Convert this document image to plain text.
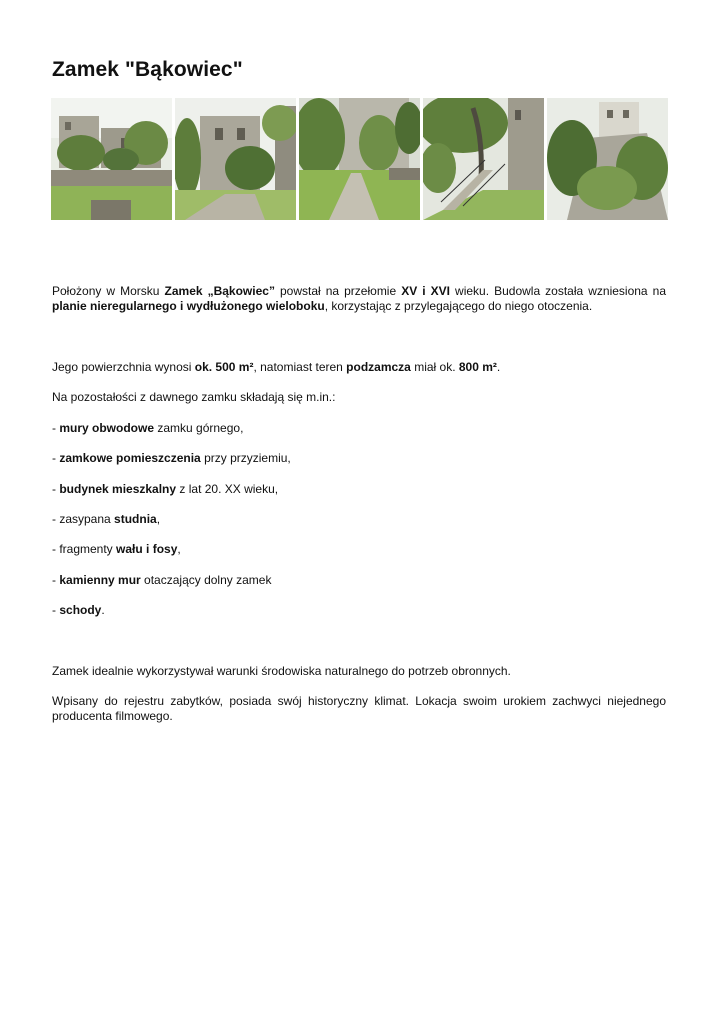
Zamek "Bąkowiec"

Położony w Morsku Zamek „Bąkowiec” powstał na przełomie XV i XVI wieku. Budowla została wzniesiona na planie nieregularnego i wydłużonego wieloboku, korzystając z przylegającego do niego otoczenia.

Jego powierzchnia wynosi ok. 500 m², natomiast teren podzamcza miał ok. 800 m².

Na pozostałości z dawnego zamku składają się m.in.:

- mury obwodowe zamku górnego,

- zamkowe pomieszczenia przy przyziemiu,

- budynek mieszkalny z lat 20. XX wieku,

- zasypana studnia,

- fragmenty wału i fosy,

- kamienny mur otaczający dolny zamek

- schody.

Zamek idealnie wykorzystywał warunki środowiska naturalnego do potrzeb obronnych.

Wpisany do rejestru zabytków, posiada swój historyczny klimat. Lokacja swoim urokiem zachwyci niejednego producenta filmowego.
